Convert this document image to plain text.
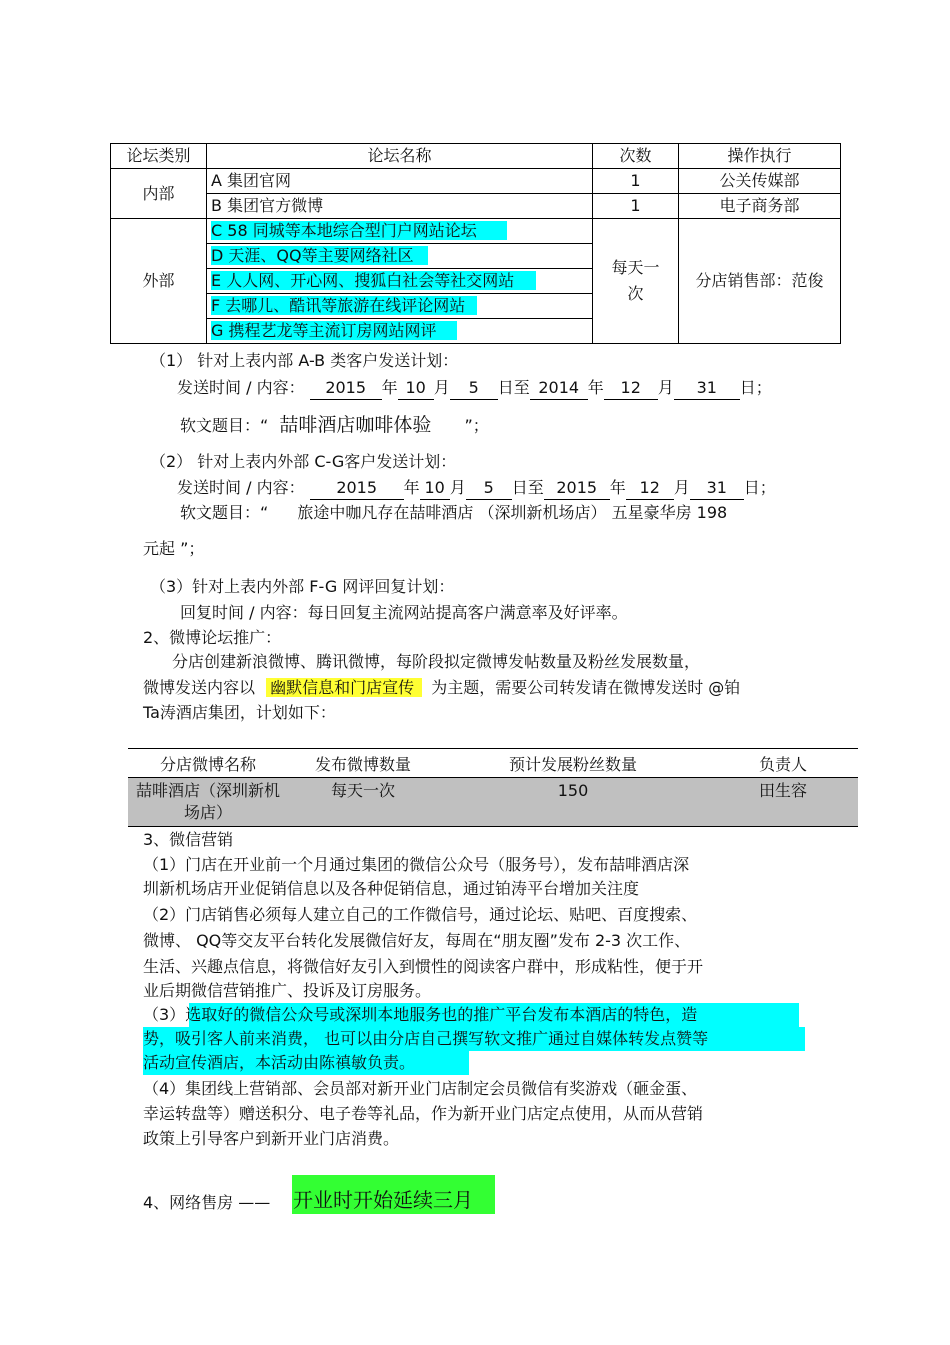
论坛类别	论坛名称	次数	操作执行
内部	A 集团官网	1	公关传媒部
	B 集团官方微博	1	电子商务部
外部	C 58 同城等本地综合型门户网站论坛	每天一次	分店销售部：范俊
	D 天涯、QQ等主要网络社区		
	E 人人网、开心网、搜狐白社会等社交网站		
	F 去哪儿、酷讯等旅游在线评论网站		
	G 携程艺龙等主流订房网站网评		
（1） 针对上表内部 A-B 类客户发送计划：
发送时间 / 内容： 2015 年 10 月 5 日至 2014 年 12 月 31 日；
软文题目：“ 喆啡酒店咖啡体验 ”；
（2） 针对上表内外部 C-G客户发送计划：
发送时间 / 内容： 2015 年 10 月 5 日至 2015 年 12 月 31 日；
软文题目：“ 旅途中咖凡存在喆啡酒店 （深圳新机场店） 五星豪华房 198
元起 ”；
（3）针对上表内外部 F-G 网评回复计划：
回复时间 / 内容：每日回复主流网站提高客户满意率及好评率。
2、微博论坛推广：
分店创建新浪微博、腾讯微博，每阶段拟定微博发帖数量及粉丝发展数量，
微博发送内容以 幽默信息和门店宣传 为主题，需要公司转发请在微博发送时 @铂
Ta涛酒店集团，计划如下：
分店微博名称	发布微博数量	预计发展粉丝数量	负责人

喆啡酒店（深圳新机场店）	每天一次	150	田生容
3、微信营销
（1）门店在开业前一个月通过集团的微信公众号（服务号），发布喆啡酒店深
圳新机场店开业促销信息以及各种促销信息，通过铂涛平台增加关注度
（2）门店销售必须每人建立自己的工作微信号，通过论坛、贴吧、百度搜索、
微博、 QQ等交友平台转化发展微信好友，每周在“朋友圈”发布 2-3 次工作、
生活、兴趣点信息，将微信好友引入到惯性的阅读客户群中，形成粘性，便于开
业后期微信营销推广、投诉及订房服务。
（3）选取好的微信公众号或深圳本地服务也的推广平台发布本酒店的特色，造
势，吸引客人前来消费， 也可以由分店自己撰写软文推广通过自媒体转发点赞等
活动宣传酒店，本活动由陈禛敏负责。
（4）集团线上营销部、会员部对新开业门店制定会员微信有奖游戏（砸金蛋、
幸运转盘等）赠送积分、电子卷等礼品，作为新开业门店定点使用，从而从营销
政策上引导客户到新开业门店消费。
4、网络售房 —— 开业时开始延续三月
